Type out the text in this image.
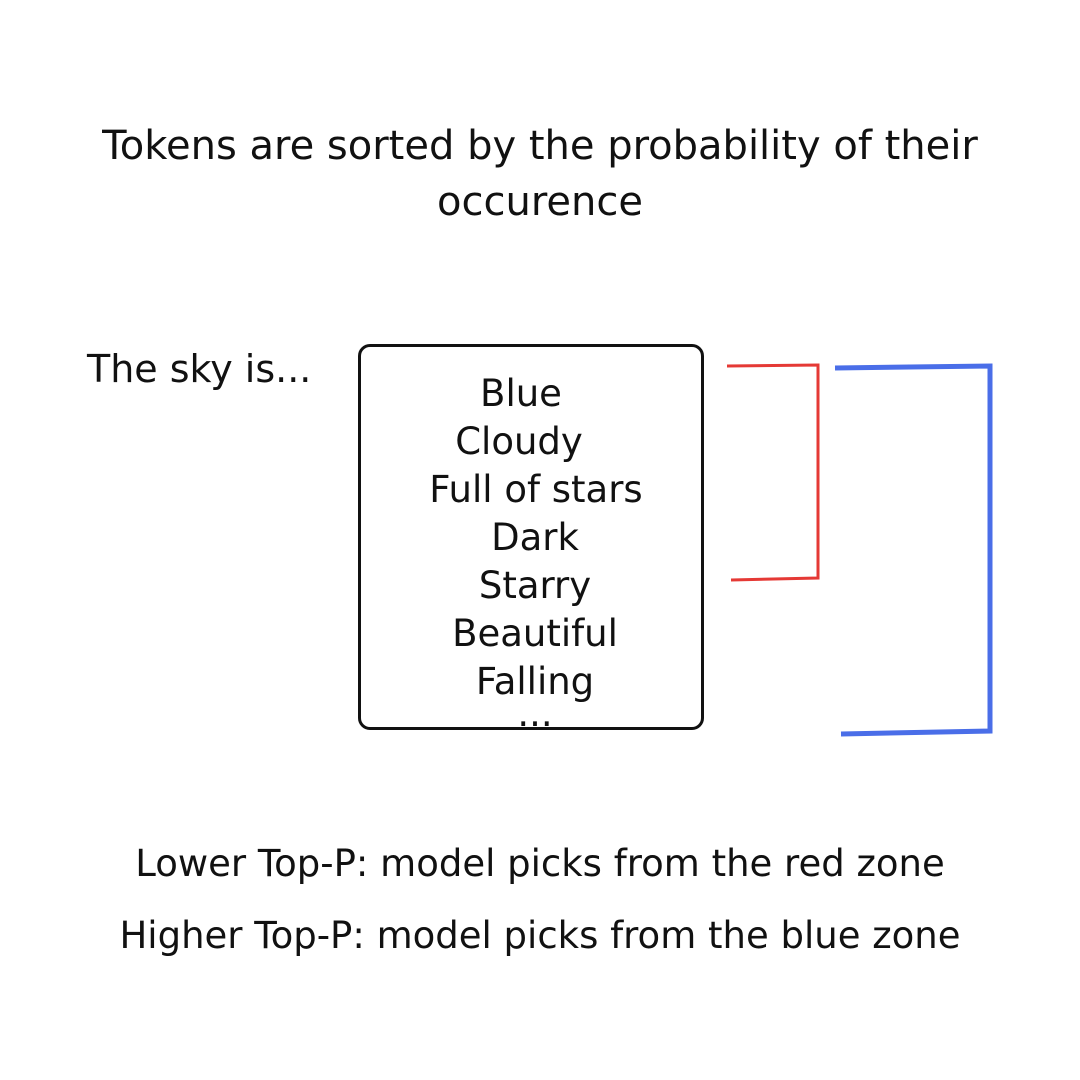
Tokens are sorted by the probability of their
occurence
The sky is...
Blue
Cloudy
Full of stars
Dark
Starry
Beautiful
Falling
...
Lower Top-P: model picks from the red zone
Higher Top-P: model picks from the blue zone
